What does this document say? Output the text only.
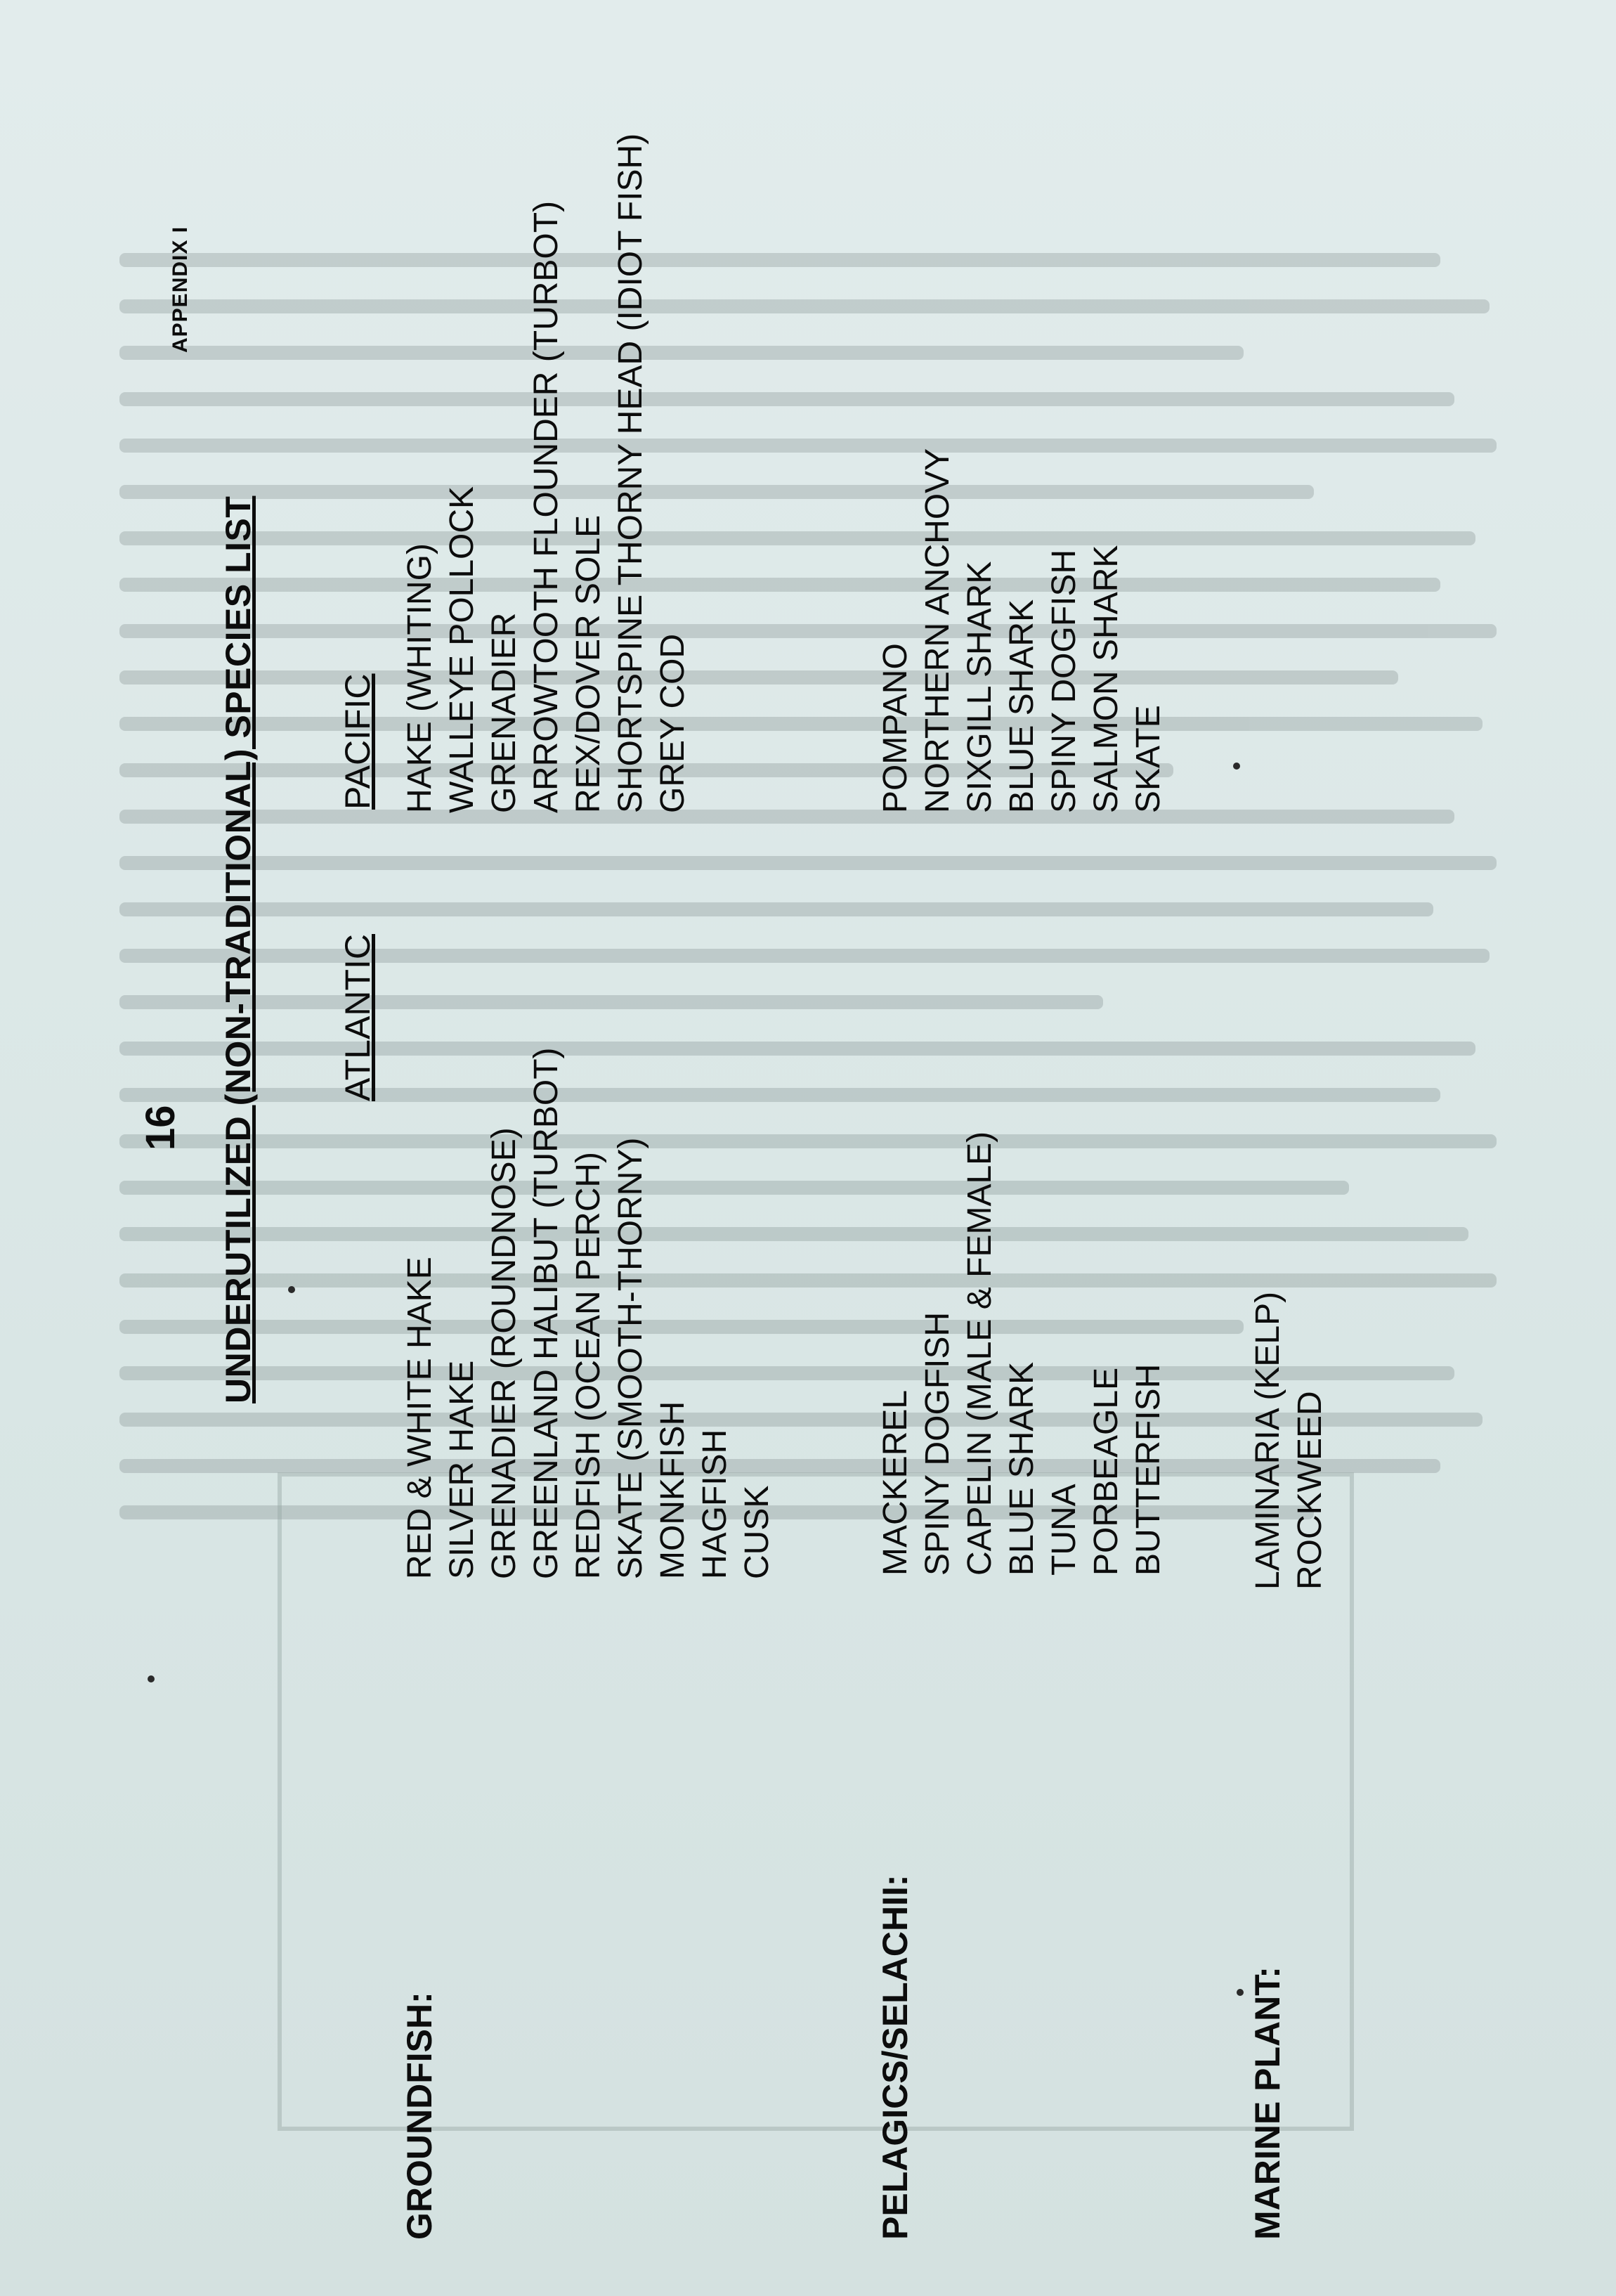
APPENDIX I
16 UNDERUTILIZED (NON-TRADITIONAL) SPECIES LIST ATLANTIC
PACIFIC
GROUNDFISH:
RED & WHITE HAKE SILVER HAKE GRENADIER (ROUNDNOSE) GREENLAND HALIBUT (TURBOT) REDFISH (OCEAN PERCH) SKATE (SMOOTH-THORNY) MONKFISH HAGFISH CUSK
HAKE (WHITING) WALLEYE POLLOCK GRENADIER ARROWTOOTH FLOUNDER (TURBOT) REX/DOVER SOLE SHORTSPINE THORNY HEAD (IDIOT FISH) GREY COD
PELAGICS/SELACHII:
MACKEREL SPINY DOGFISH CAPELIN (MALE & FEMALE) BLUE SHARK TUNA PORBEAGLE BUTTERFISH
POMPANO NORTHERN ANCHOVY SIXGILL SHARK BLUE SHARK SPINY DOGFISH SALMON SHARK SKATE
MARINE PLANT:
LAMINARIA (KELP) ROCKWEED
